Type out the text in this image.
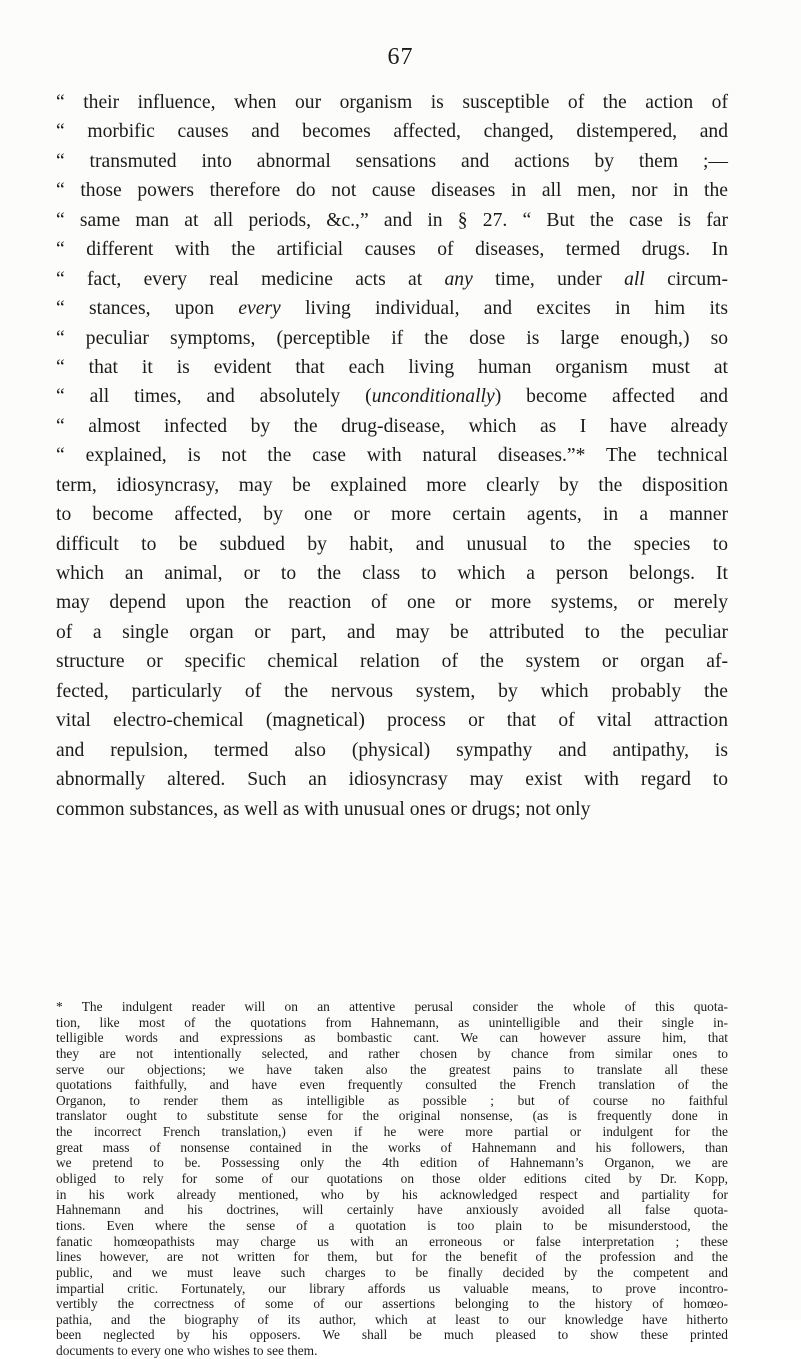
67
“ their influence, when our organism is susceptible of the action of
“ morbific causes and becomes affected, changed, distempered, and
“ transmuted into abnormal sensations and actions by them ;—
“ those powers therefore do not cause diseases in all men, nor in the
“ same man at all periods, &c.,” and in § 27. “ But the case is far
“ different with the artificial causes of diseases, termed drugs. In
“ fact, every real medicine acts at any time, under all circum-
“ stances, upon every living individual, and excites in him its
“ peculiar symptoms, (perceptible if the dose is large enough,) so
“ that it is evident that each living human organism must at
“ all times, and absolutely (unconditionally) become affected and
“ almost infected by the drug-disease, which as I have already
“ explained, is not the case with natural diseases.”* The technical
term, idiosyncrasy, may be explained more clearly by the disposition
to become affected, by one or more certain agents, in a manner
difficult to be subdued by habit, and unusual to the species to
which an animal, or to the class to which a person belongs. It
may depend upon the reaction of one or more systems, or merely
of a single organ or part, and may be attributed to the peculiar
structure or specific chemical relation of the system or organ af-
fected, particularly of the nervous system, by which probably the
vital electro-chemical (magnetical) process or that of vital attraction
and repulsion, termed also (physical) sympathy and antipathy, is
abnormally altered. Such an idiosyncrasy may exist with regard to
common substances, as well as with unusual ones or drugs; not only
* The indulgent reader will on an attentive perusal consider the whole of this quota-
tion, like most of the quotations from Hahnemann, as unintelligible and their single in-
telligible words and expressions as bombastic cant. We can however assure him, that
they are not intentionally selected, and rather chosen by chance from similar ones to
serve our objections; we have taken also the greatest pains to translate all these
quotations faithfully, and have even frequently consulted the French translation of the
Organon, to render them as intelligible as possible ; but of course no faithful
translator ought to substitute sense for the original nonsense, (as is frequently done in
the incorrect French translation,) even if he were more partial or indulgent for the
great mass of nonsense contained in the works of Hahnemann and his followers, than
we pretend to be. Possessing only the 4th edition of Hahnemann’s Organon, we are
obliged to rely for some of our quotations on those older editions cited by Dr. Kopp,
in his work already mentioned, who by his acknowledged respect and partiality for
Hahnemann and his doctrines, will certainly have anxiously avoided all false quota-
tions. Even where the sense of a quotation is too plain to be misunderstood, the
fanatic homœopathists may charge us with an erroneous or false interpretation ; these
lines however, are not written for them, but for the benefit of the profession and the
public, and we must leave such charges to be finally decided by the competent and
impartial critic. Fortunately, our library affords us valuable means, to prove incontro-
vertibly the correctness of some of our assertions belonging to the history of homœo-
pathia, and the biography of its author, which at least to our knowledge have hitherto
been neglected by his opposers. We shall be much pleased to show these printed
documents to every one who wishes to see them.
